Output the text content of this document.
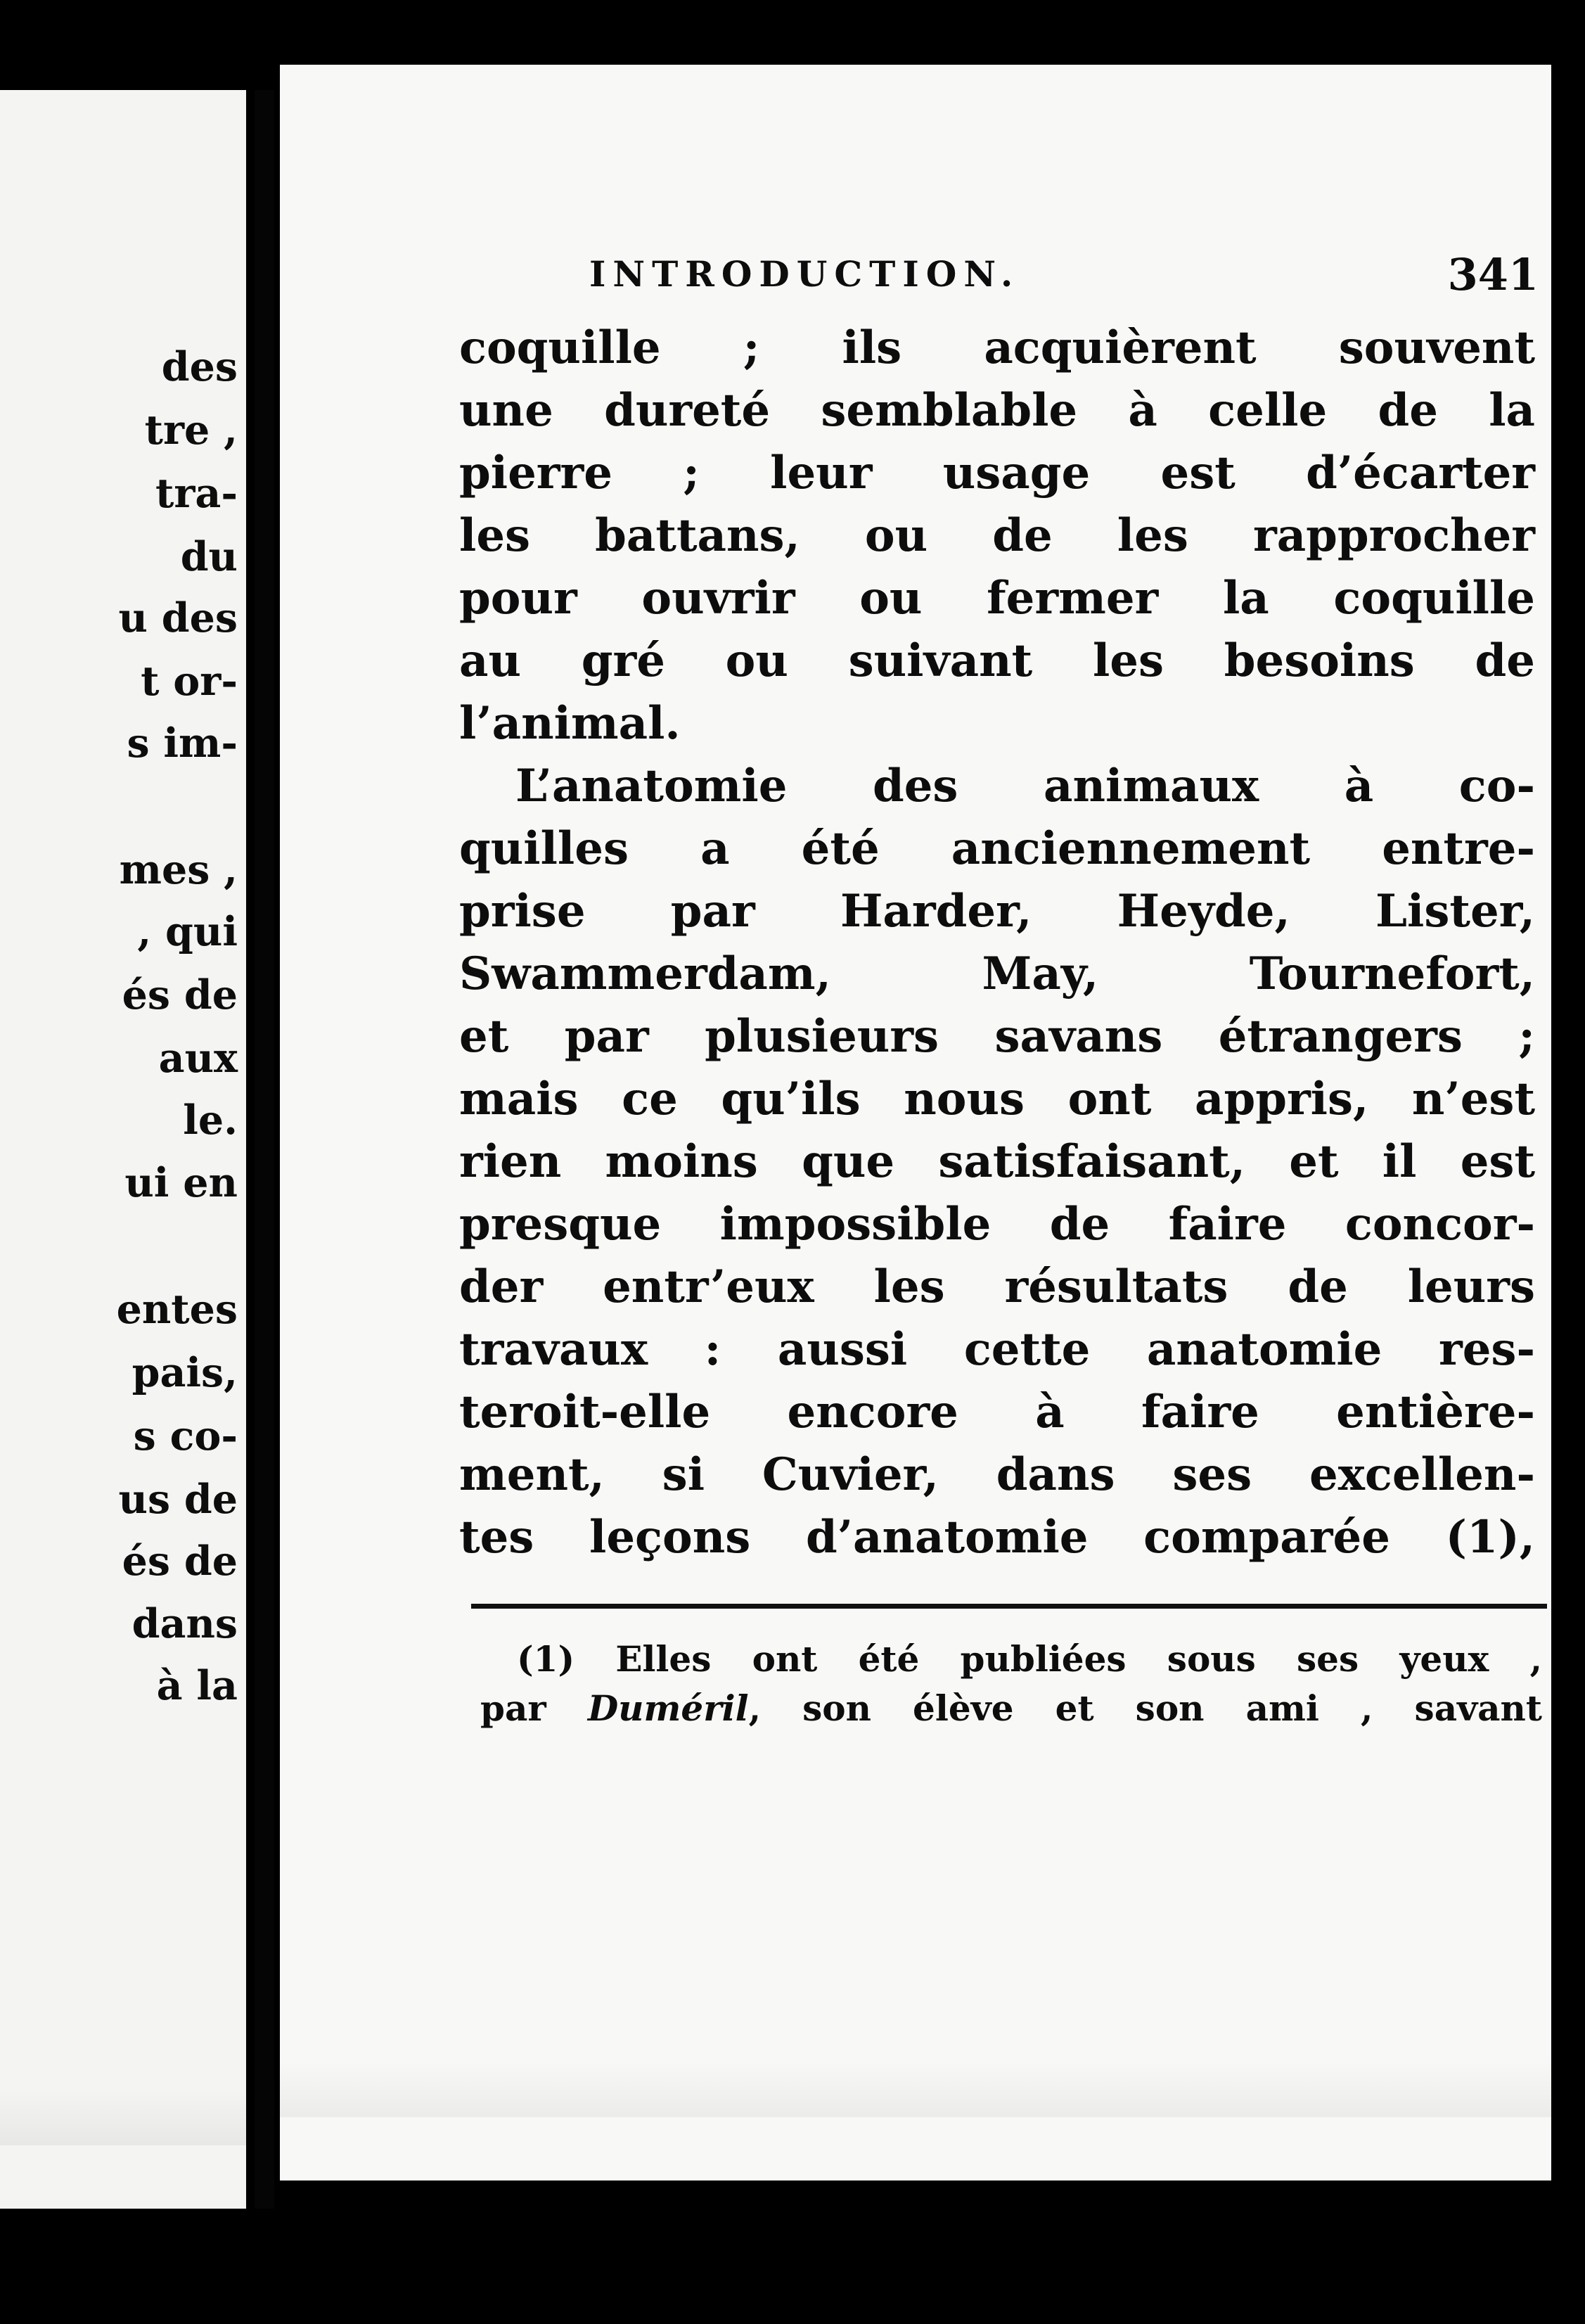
des
tre ,
tra-
du
u des
t or-
s im-
mes ,
, qui
és de
aux
le.
ui en
entes
pais,
s co-
us de
és de
dans
à la
INTRODUCTION.	341
coquille ; ils acquièrent souvent
une dureté semblable à celle de la
pierre ; leur usage est d’écarter
les battans, ou de les rapprocher
pour ouvrir ou fermer la coquille
au gré ou suivant les besoins de
l’animal.
L’anatomie des animaux à co-
quilles a été anciennement entre-
prise par Harder, Heyde, Lister,
Swammerdam, May, Tournefort,
et par plusieurs savans étrangers ;
mais ce qu’ils nous ont appris, n’est
rien moins que satisfaisant, et il est
presque impossible de faire concor-
der entr’eux les résultats de leurs
travaux : aussi cette anatomie res-
teroit-elle encore à faire entière-
ment, si Cuvier, dans ses excellen-
tes leçons d’anatomie comparée (1),
(1) Elles ont été publiées sous ses yeux ,
par Duméril, son élève et son ami , savant
